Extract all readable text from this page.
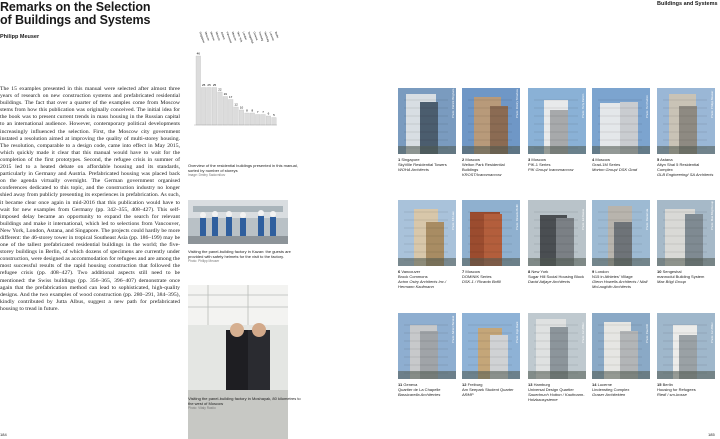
Remarks on the Selection
of Buildings and Systems
Philipp Meuser
Buildings and Systems

The 15 examples presented in this manual were selected after almost three years of research on new construction systems and prefabricated residential buildings. The fact that over a quarter of the examples come from Moscow stems from how this publication was originally conceived. The initial idea for the book was to present current trends in mass housing in the Russian capital to an international audience. However, contemporary political developments increasingly influenced the selection. First, the Moscow city government instated a resolution aimed at improving the quality of multi-storey housing. The resolution, comparable to a design code, came into effect in May 2015, which quickly made it clear that this manual would have to wait for the completion of the first prototypes. Second, the refugee crisis in summer of 2015 led to a heated debate on affordable housing and its standards, particularly in Germany and Austria. Prefabricated housing was placed back on the agenda virtually overnight. The German government organised conferences dedicated to this topic, and the construction industry no longer shied away from publicly presenting its experiences in prefabrication. As such, it became clear once again in mid-2016 that this publication would have to wait for new examples from Germany (pp. 342–355, 408–427). This self-imposed delay became an opportunity to expand the search for relevant buildings and make it international, which led to selections from Vancouver, New York, London, Astana, and Singapore. The projects could hardly be more different: the 46-storey tower in tropical Southeast Asia (pp. 186–199) may be one of the tallest prefabricated residential buildings in the world; the five-storey buildings in Berlin, of which dozens of specimens are currently under construction, were designed as accommodation for refugees and are among the most successful results of the rapid housing construction that followed the refugee crisis (pp. 408–427). Two additional aspects still need to be mentioned: the Swiss buildings (pp. 356–365, 396–407) demonstrate once again that the prefabrication method can lead to sophisticated, high-quality designs. And the two examples of wood construction (pp. 280–291, 384–395), kindly contributed by Jutta Albus, suggest a new path for prefabricated housing to tread in future.

184	185
46
Singapore
25
Moscow
25
Moscow
25
Moscow
22
Astana
19
Vancouver
17
Moscow
12
New York
10
London
8
Sengeshal
8
Geneva
7
Freiburg
7
Hamburg
6
Lucerne
5
Berlin
Overview of the residential buildings presented in this manual, sorted by number of storeys
Image: Dmitry Sadovnikov
Visiting the panel-building factory in Kazan: the guests are provided with safety helmets for the visit to the factory.
Photo: Philipp Meuser
Visiting the panel-building factory in Moshayak, 80 kilometres to the west of Moscow
Photo: Vitaly Rastio
Photo: Patrick Bingham-Hall
1 Singapore
SkyVille Residential Towers
WOHA Architects
Photo: Dmitry Tcharkov
2 Moscow
Welton Park Residential Buildings
KROST/Ivanomaccow
Photo: Yuriy Palmin
3 Moscow
PIK-1 Series
PIK Group/ Ivanomaccow
Photo: Yuri Palmin
4 Moscow
Grad-1M Series
Morton Group/ DSK Grad
Photo: Philipp Meuser
5 Astana
Altyn Shal 5 Residential Complex
GLB Engineering/ SA Architects
Photo: KK Law
6 Vancouver
Brock Commons
Acton Ostry Architects Inc./ Hermann Kaufmann
Photo: Ricardo Bofill
7 Moscow
DOMINIK Series
DSK-1 / Ricardo Bofill
Photo: Ed Reeve
8 New York
Sugar Hill Social Housing Block
David Adjaye Architects
Photo: Daniel Ha
9 London
N15 in Athletes' Village
Glenn Howells Architects / Niall McLaughlin Architects
Photo: Max Bögl Group
10 Sengeshal
mannodul Building System
Max Bögl Group
Photo: Adrien Barakat
11 Geneva
Quartier de La Chapelle
Bassicarella Architectes
Photo: Ingo Rack
12 Freiburg
Am Seepark Student Quarter
ARMP
Photo: Jan Bitter
13 Hamburg
Universal Design Quartier
Sauerbruch Hutton / Kaufmann-Holzbausysteme
Photo: Paul Ott
14 Lucerne
Lindenstieg Complex
Graser Architekten
Photo: Jan Bitter
15 Berlin
Housing for Refugees
Riedl / sm-bosse
